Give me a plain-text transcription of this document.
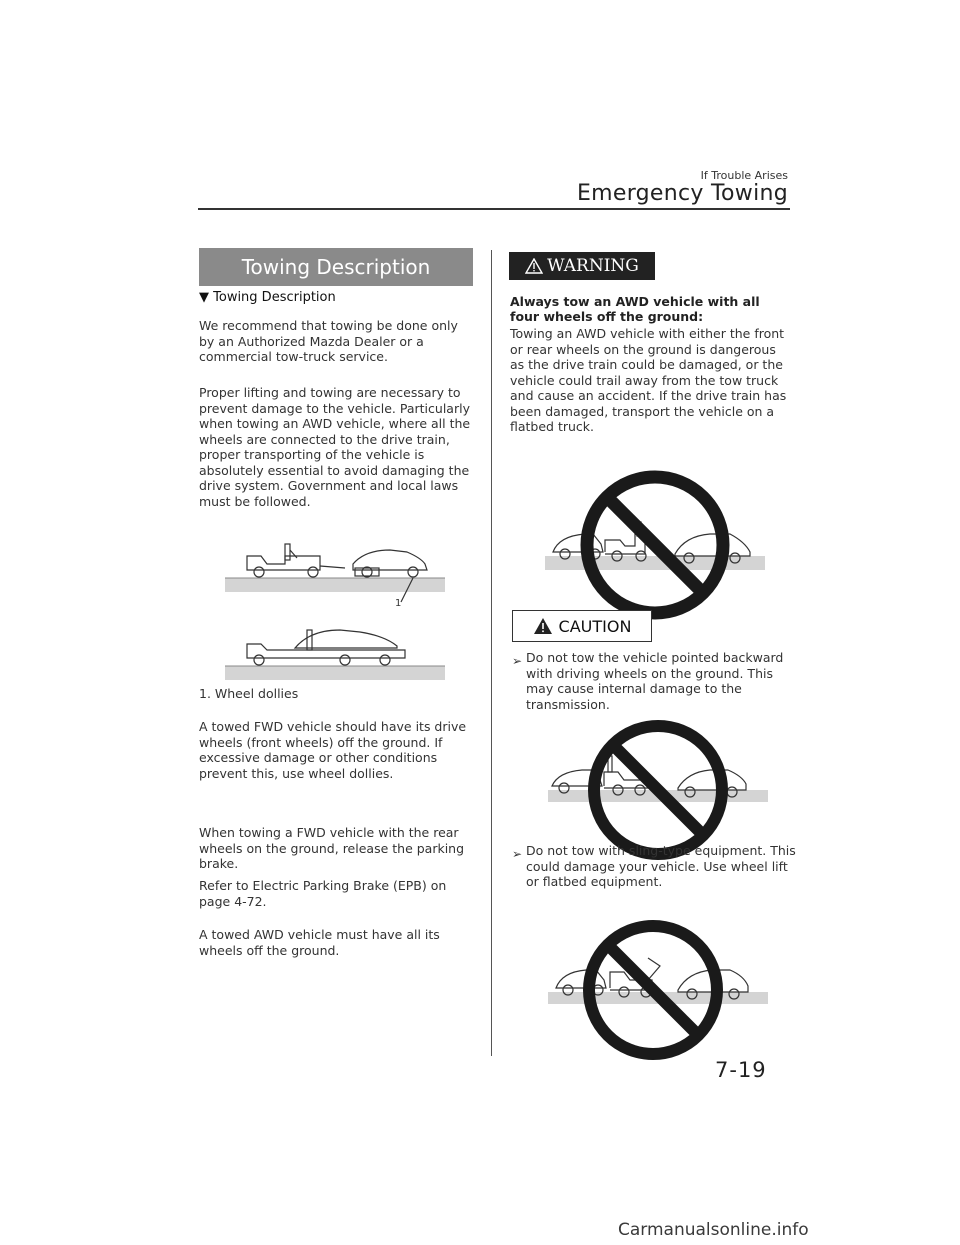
If Trouble Arises
Emergency Towing
Towing Description
▼ Towing Description
We recommend that towing be done only by an Authorized Mazda Dealer or a commercial tow-truck service.
Proper lifting and towing are necessary to prevent damage to the vehicle. Particularly when towing an AWD vehicle, where all the wheels are connected to the drive train, proper transporting of the vehicle is absolutely essential to avoid damaging the drive system. Government and local laws must be followed.
1
1. Wheel dollies
A towed FWD vehicle should have its drive wheels (front wheels) off the ground. If excessive damage or other conditions prevent this, use wheel dollies.
When towing a FWD vehicle with the rear wheels on the ground, release the parking brake.
Refer to Electric Parking Brake (EPB) on page 4-72.
A towed AWD vehicle must have all its wheels off the ground.
WARNING
Always tow an AWD vehicle with all four wheels off the ground:
Towing an AWD vehicle with either the front or rear wheels on the ground is dangerous as the drive train could be damaged, or the vehicle could trail away from the tow truck and cause an accident. If the drive train has been damaged, transport the vehicle on a flatbed truck.
CAUTION
➢ Do not tow the vehicle pointed backward with driving wheels on the ground. This may cause internal damage to the transmission.
➢ Do not tow with sling-type equipment. This could damage your vehicle. Use wheel lift or flatbed equipment.
7-19
Carmanualsonline.info
